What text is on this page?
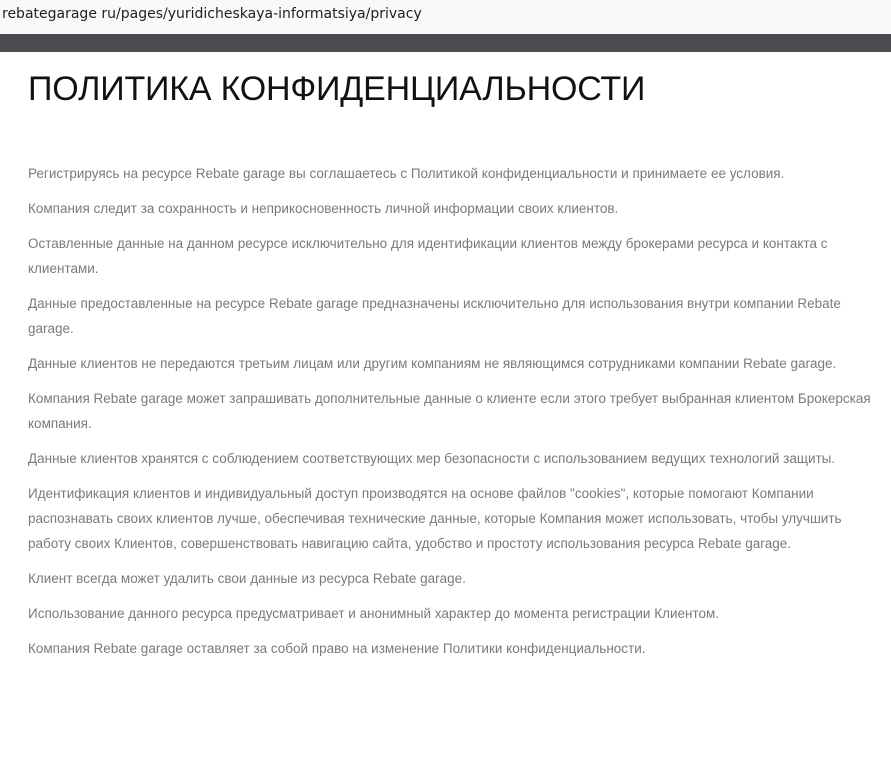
rebategarage ru/pages/yuridicheskaya-informatsiya/privacy
ПОЛИТИКА КОНФИДЕНЦИАЛЬНОСТИ

Регистрируясь на ресурсе Rebate garage вы соглашаетесь с Политикой конфиденциальности и принимаете ее условия.

Компания следит за сохранность и неприкосновенность личной информации своих клиентов.

Оставленные данные на данном ресурсе исключительно для идентификации клиентов между брокерами ресурса и контакта с клиентами.

Данные предоставленные на ресурсе Rebate garage предназначены исключительно для использования внутри компании Rebate garage.

Данные клиентов не передаются третьим лицам или другим компаниям не являющимся сотрудниками компании Rebate garage.

Компания Rebate garage может запрашивать дополнительные данные о клиенте если этого требует выбранная клиентом Брокерская компания.

Данные клиентов хранятся с соблюдением соответствующих мер безопасности с использованием ведущих технологий защиты.

Идентификация клиентов и индивидуальный доступ производятся на основе файлов "cookies", которые помогают Компании распознавать своих клиентов лучше, обеспечивая технические данные, которые Компания может использовать, чтобы улучшить работу своих Клиентов, совершенствовать навигацию сайта, удобство и простоту использования ресурса Rebate garage.

Клиент всегда может удалить свои данные из ресурса Rebate garage.

Использование данного ресурса предусматривает и анонимный характер до момента регистрации Клиентом.

Компания Rebate garage оставляет за собой право на изменение Политики конфиденциальности.
